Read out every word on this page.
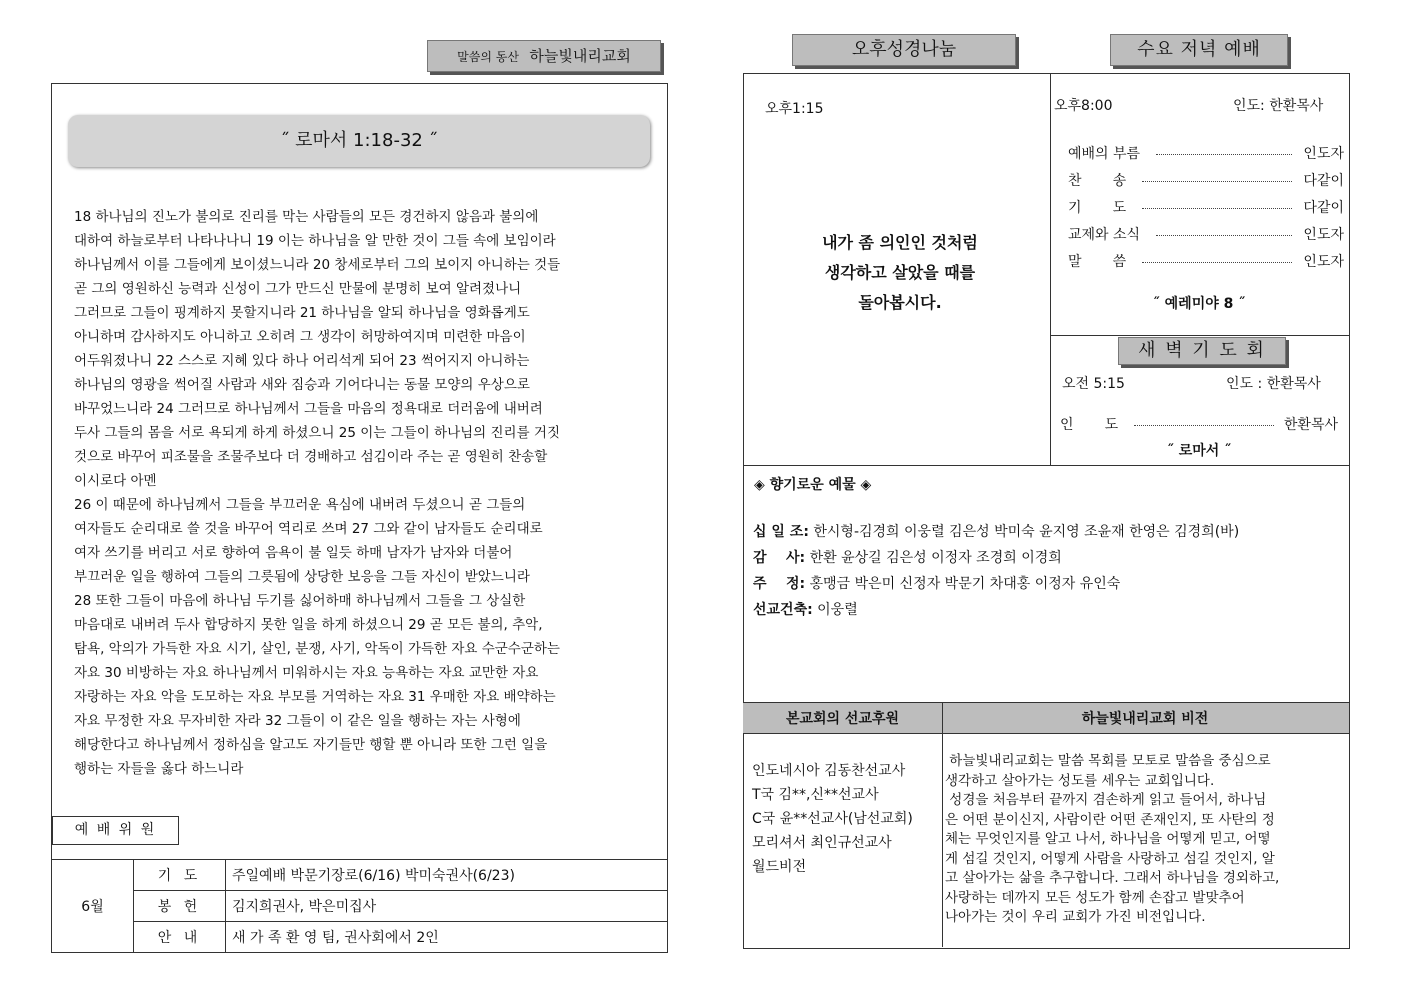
말씀의 동산 하늘빛내리교회
˝ 로마서 1:18-32 ˝
18 하나님의 진노가 불의로 진리를 막는 사람들의 모든 경건하지 않음과 불의에
대하여 하늘로부터 나타나나니 19 이는 하나님을 알 만한 것이 그들 속에 보임이라
하나님께서 이를 그들에게 보이셨느니라 20 창세로부터 그의 보이지 아니하는 것들
곧 그의 영원하신 능력과 신성이 그가 만드신 만물에 분명히 보여 알려졌나니
그러므로 그들이 핑계하지 못할지니라 21 하나님을 알되 하나님을 영화롭게도
아니하며 감사하지도 아니하고 오히려 그 생각이 허망하여지며 미련한 마음이
어두워졌나니 22 스스로 지혜 있다 하나 어리석게 되어 23 썩어지지 아니하는
하나님의 영광을 썩어질 사람과 새와 짐승과 기어다니는 동물 모양의 우상으로
바꾸었느니라 24 그러므로 하나님께서 그들을 마음의 정욕대로 더러움에 내버려
두사 그들의 몸을 서로 욕되게 하게 하셨으니 25 이는 그들이 하나님의 진리를 거짓
것으로 바꾸어 피조물을 조물주보다 더 경배하고 섬김이라 주는 곧 영원히 찬송할
이시로다 아멘
26 이 때문에 하나님께서 그들을 부끄러운 욕심에 내버려 두셨으니 곧 그들의
여자들도 순리대로 쓸 것을 바꾸어 역리로 쓰며 27 그와 같이 남자들도 순리대로
여자 쓰기를 버리고 서로 향하여 음욕이 불 일듯 하매 남자가 남자와 더불어
부끄러운 일을 행하여 그들의 그릇됨에 상당한 보응을 그들 자신이 받았느니라
28 또한 그들이 마음에 하나님 두기를 싫어하매 하나님께서 그들을 그 상실한
마음대로 내버려 두사 합당하지 못한 일을 하게 하셨으니 29 곧 모든 불의, 추악,
탐욕, 악의가 가득한 자요 시기, 살인, 분쟁, 사기, 악독이 가득한 자요 수군수군하는
자요 30 비방하는 자요 하나님께서 미워하시는 자요 능욕하는 자요 교만한 자요
자랑하는 자요 악을 도모하는 자요 부모를 거역하는 자요 31 우매한 자요 배약하는
자요 무정한 자요 무자비한 자라 32 그들이 이 같은 일을 행하는 자는 사형에
해당한다고 하나님께서 정하심을 알고도 자기들만 행할 뿐 아니라 또한 그런 일을
행하는 자들을 옳다 하느니라
예 배 위 원
6월	기 도	주일예배 박문기장로(6/16) 박미숙권사(6/23)
	봉 헌	김지희권사, 박은미집사
	안 내	새 가 족 환 영 팀, 권사회에서 2인
오후성경나눔	수요 저녁 예배
오후1:15
내가 좀 의인인 것처럼
생각하고 살았을 때를
돌아봅시다.
오후8:00	인도: 한환목사
예배의 부름	인도자
찬       송	다같이
기       도	다같이
교제와 소식	인도자
말       씀	인도자
˝ 예레미야 8 ˝
새 벽 기 도 회
오전 5:15	인도 : 한환목사
인       도	한환목사
˝ 로마서 ˝
◈ 향기로운 예물 ◈
십 일 조: 한시형-김경희 이웅렬 김은성 박미숙 윤지영 조윤재 한영은 김경희(바)
감    사: 한환 윤상길 김은성 이정자 조경희 이경희
주    정: 홍맹금 박은미 신정자 박문기 차대홍 이정자 유인숙
선교건축: 이웅렬
본교회의 선교후원	하늘빛내리교회 비전
인도네시아 김동찬선교사
T국 김**,신**선교사
C국 윤**선교사(남선교회)
모리셔서 최인규선교사
월드비전
하늘빛내리교회는 말씀 목회를 모토로 말씀을 중심으로
생각하고 살아가는 성도를 세우는 교회입니다.
성경을 처음부터 끝까지 겸손하게 읽고 들어서, 하나님
은 어떤 분이신지, 사람이란 어떤 존재인지, 또 사탄의 정
체는 무엇인지를 알고 나서, 하나님을 어떻게 믿고, 어떻
게 섬길 것인지, 어떻게 사람을 사랑하고 섬길 것인지, 알
고 살아가는 삶을 추구합니다. 그래서 하나님을 경외하고,
사랑하는 데까지 모든 성도가 함께 손잡고 발맞추어
나아가는 것이 우리 교회가 가진 비전입니다.
